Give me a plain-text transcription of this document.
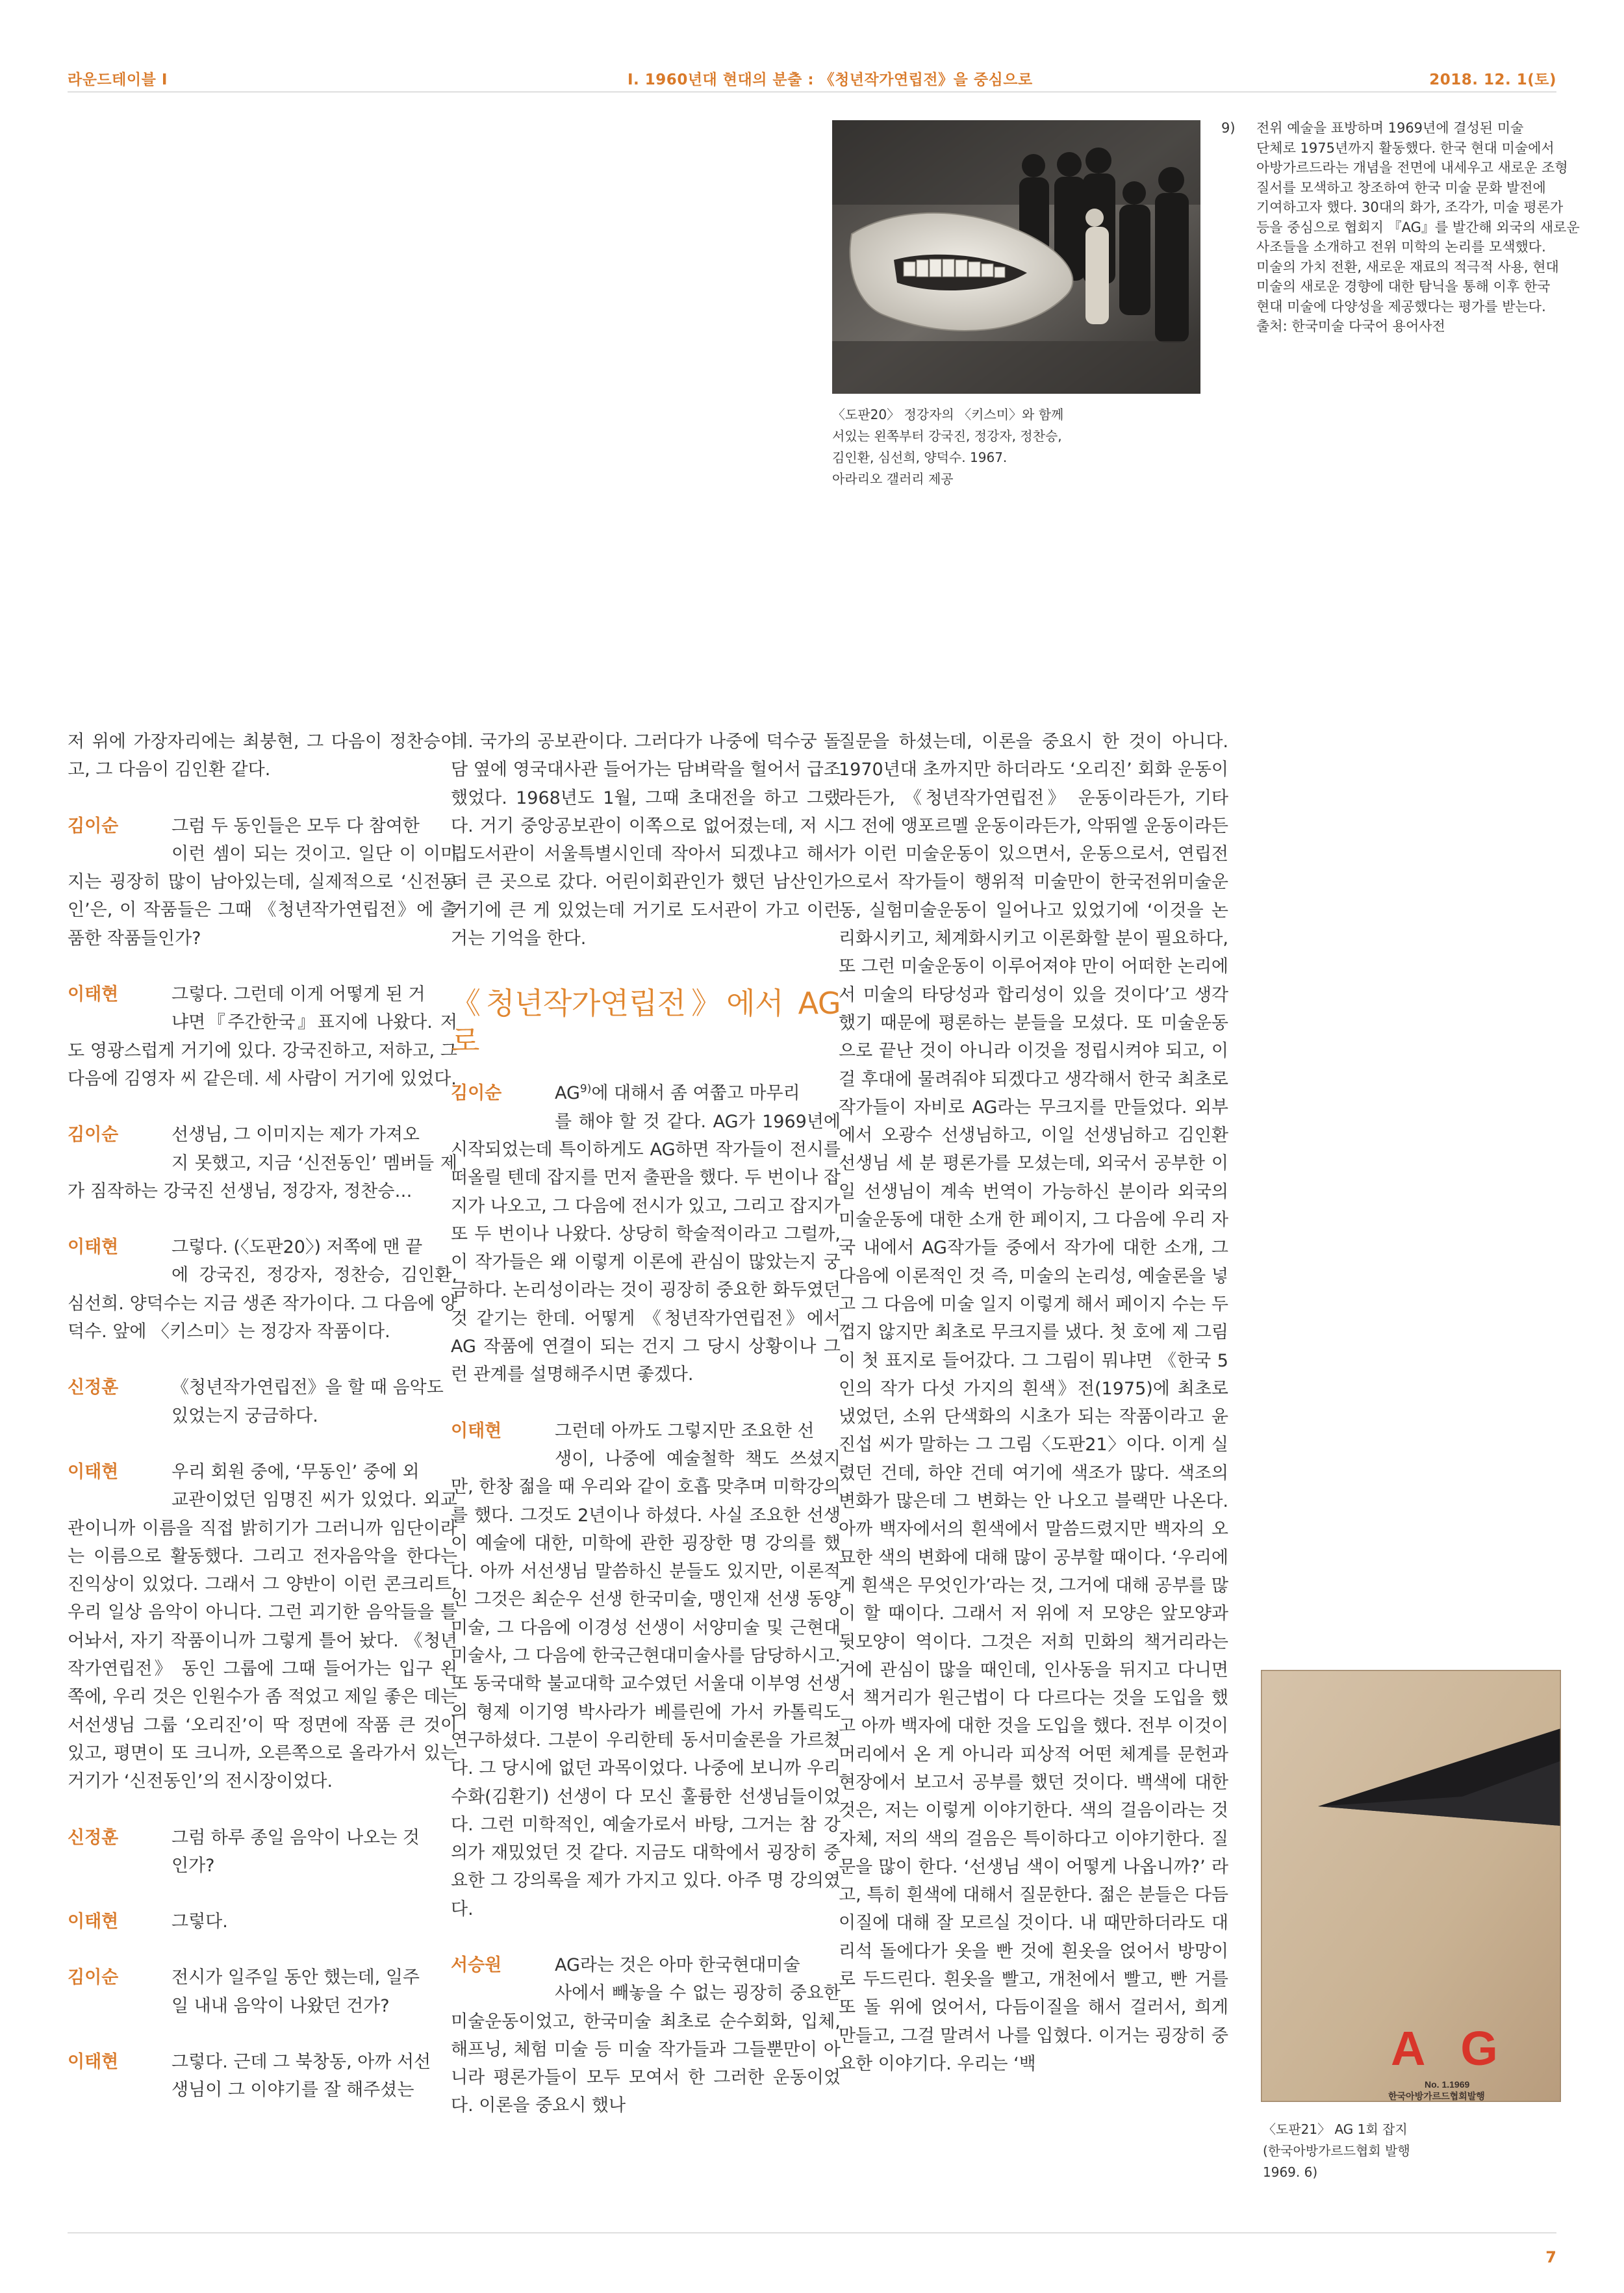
라운드테이블 I	I. 1960년대 현대의 분출 : 《청년작가연립전》을 중심으로	2018. 12. 1(토)
〈도판20〉 정강자의 〈키스미〉와 함께
서있는 왼쪽부터 강국진, 정강자, 정찬승,
김인환, 심선희, 양덕수. 1967.
아라리오 갤러리 제공
9) 전위 예술을 표방하며 1969년에 결성된 미술
단체로 1975년까지 활동했다. 한국 현대 미술에서
아방가르드라는 개념을 전면에 내세우고 새로운 조형
질서를 모색하고 창조하여 한국 미술 문화 발전에
기여하고자 했다. 30대의 화가, 조각가, 미술 평론가
등을 중심으로 협회지 『AG』를 발간해 외국의 새로운
사조들을 소개하고 전위 미학의 논리를 모색했다.
미술의 가치 전환, 새로운 재료의 적극적 사용, 현대
미술의 새로운 경향에 대한 탐닉을 통해 이후 한국
현대 미술에 다양성을 제공했다는 평가를 받는다.
출처: 한국미술 다국어 용어사전

저 위에 가장자리에는 최붕현, 그 다음이 정찬승이고, 그 다음이 김인환 같다.

김이순	그럼 두 동인들은 모두 다 참여한

이런 셈이 되는 것이고. 일단 이 이미지는 굉장히 많이 남아있는데, 실제적으로 ‘신전동인’은, 이 작품들은 그때 《청년작가연립전》에 출품한 작품들인가?

이태현	그렇다. 그런데 이게 어떻게 된 거

냐면『주간한국』표지에 나왔다. 저도 영광스럽게 거기에 있다. 강국진하고, 저하고, 그 다음에 김영자 씨 같은데. 세 사람이 거기에 있었다.

김이순	선생님, 그 이미지는 제가 가져오

지 못했고, 지금 ‘신전동인’ 멤버들 제가 짐작하는 강국진 선생님, 정강자, 정찬승…

이태현	그렇다. (〈도판20〉) 저쪽에 맨 끝

에 강국진, 정강자, 정찬승, 김인환, 심선희. 양덕수는 지금 생존 작가이다. 그 다음에 양덕수. 앞에 〈키스미〉는 정강자 작품이다.

신정훈	《청년작가연립전》을 할 때 음악도

있었는지 궁금하다.

이태현	우리 회원 중에, ‘무동인’ 중에 외

교관이었던 임명진 씨가 있었다. 외교관이니까 이름을 직접 밝히기가 그러니까 임단이라는 이름으로 활동했다. 그리고 전자음악을 한다는 진익상이 있었다. 그래서 그 양반이 이런 콘크리트, 우리 일상 음악이 아니다. 그런 괴기한 음악들을 틀어놔서, 자기 작품이니까 그렇게 틀어 놨다. 《청년작가연립전》 동인 그룹에 그때 들어가는 입구 왼쪽에, 우리 것은 인원수가 좀 적었고 제일 좋은 데는 서선생님 그룹 ‘오리진’이 딱 정면에 작품 큰 것이 있고, 평면이 또 크니까, 오른쪽으로 올라가서 있는 거기가 ‘신전동인’의 전시장이었다.

신정훈	그럼 하루 종일 음악이 나오는 것

인가?

이태현	그렇다.

김이순	전시가 일주일 동안 했는데, 일주

일 내내 음악이 나왔던 건가?

이태현	그렇다. 근데 그 북창동, 아까 서선

생님이 그 이야기를 잘 해주셨는

데. 국가의 공보관이다. 그러다가 나중에 덕수궁 돌담 옆에 영국대사관 들어가는 담벼락을 헐어서 급조했었다. 1968년도 1월, 그때 초대전을 하고 그랬다. 거기 중앙공보관이 이쪽으로 없어졌는데, 저 시립도서관이 서울특별시인데 작아서 되겠냐고 해서 더 큰 곳으로 갔다. 어린이회관인가 했던 남산인가 거기에 큰 게 있었는데 거기로 도서관이 가고 이런 거는 기억을 한다.

《청년작가연립전》에서 AG로

김이순	AG$^{9)}$에 대해서 좀 여쭙고 마무리

를 해야 할 것 같다. AG가 1969년에 시작되었는데 특이하게도 AG하면 작가들이 전시를 떠올릴 텐데 잡지를 먼저 출판을 했다. 두 번이나 잡지가 나오고, 그 다음에 전시가 있고, 그리고 잡지가 또 두 번이나 나왔다. 상당히 학술적이라고 그럴까, 이 작가들은 왜 이렇게 이론에 관심이 많았는지 궁금하다. 논리성이라는 것이 굉장히 중요한 화두였던 것 같기는 한데. 어떻게 《청년작가연립전》에서 AG 작품에 연결이 되는 건지 그 당시 상황이나 그런 관계를 설명해주시면 좋겠다.

이태현	그런데 아까도 그렇지만 조요한 선

생이, 나중에 예술철학 책도 쓰셨지만, 한창 젊을 때 우리와 같이 호흡 맞추며 미학강의를 했다. 그것도 2년이나 하셨다. 사실 조요한 선생이 예술에 대한, 미학에 관한 굉장한 명 강의를 했다. 아까 서선생님 말씀하신 분들도 있지만, 이론적인 그것은 최순우 선생 한국미술, 맹인재 선생 동양미술, 그 다음에 이경성 선생이 서양미술 및 근현대미술사, 그 다음에 한국근현대미술사를 담당하시고. 또 동국대학 불교대학 교수였던 서울대 이부영 선생의 형제 이기영 박사라가 베를린에 가서 카톨릭도 연구하셨다. 그분이 우리한테 동서미술론을 가르쳤다. 그 당시에 없던 과목이었다. 나중에 보니까 우리 수화(김환기) 선생이 다 모신 훌륭한 선생님들이었다. 그런 미학적인, 예술가로서 바탕, 그거는 참 강의가 재밌었던 것 같다. 지금도 대학에서 굉장히 중요한 그 강의록을 제가 가지고 있다. 아주 명 강의였다.

서승원	AG라는 것은 아마 한국현대미술

사에서 빼놓을 수 없는 굉장히 중요한 미술운동이었고, 한국미술 최초로 순수회화, 입체, 해프닝, 체험 미술 등 미술 작가들과 그들뿐만이 아니라 평론가들이 모두 모여서 한 그러한 운동이었다. 이론을 중요시 했나

질문을 하셨는데, 이론을 중요시 한 것이 아니다. 1970년대 초까지만 하더라도 ‘오리진’ 회화 운동이라든가, 《청년작가연립전》 운동이라든가, 기타 그 전에 앵포르멜 운동이라든가, 악뛰엘 운동이라든가 이런 미술운동이 있으면서, 운동으로서, 연립전으로서 작가들이 행위적 미술만이 한국전위미술운동, 실험미술운동이 일어나고 있었기에 ‘이것을 논리화시키고, 체계화시키고 이론화할 분이 필요하다, 또 그런 미술운동이 이루어져야 만이 어떠한 논리에서 미술의 타당성과 합리성이 있을 것이다’고 생각했기 때문에 평론하는 분들을 모셨다. 또 미술운동으로 끝난 것이 아니라 이것을 정립시켜야 되고, 이걸 후대에 물려줘야 되겠다고 생각해서 한국 최초로 작가들이 자비로 AG라는 무크지를 만들었다. 외부에서 오광수 선생님하고, 이일 선생님하고 김인환 선생님 세 분 평론가를 모셨는데, 외국서 공부한 이일 선생님이 계속 번역이 가능하신 분이라 외국의 미술운동에 대한 소개 한 페이지, 그 다음에 우리 자국 내에서 AG작가들 중에서 작가에 대한 소개, 그 다음에 이론적인 것 즉, 미술의 논리성, 예술론을 넣고 그 다음에 미술 일지 이렇게 해서 페이지 수는 두껍지 않지만 최초로 무크지를 냈다. 첫 호에 제 그림이 첫 표지로 들어갔다. 그 그림이 뭐냐면 《한국 5인의 작가 다섯 가지의 흰색》전(1975)에 최초로 냈었던, 소위 단색화의 시초가 되는 작품이라고 윤진섭 씨가 말하는 그 그림〈도판21〉이다. 이게 실렸던 건데, 하얀 건데 여기에 색조가 많다. 색조의 변화가 많은데 그 변화는 안 나오고 블랙만 나온다. 아까 백자에서의 흰색에서 말씀드렸지만 백자의 오묘한 색의 변화에 대해 많이 공부할 때이다. ‘우리에게 흰색은 무엇인가’라는 것, 그거에 대해 공부를 많이 할 때이다. 그래서 저 위에 저 모양은 앞모양과 뒷모양이 역이다. 그것은 저희 민화의 책거리라는 거에 관심이 많을 때인데, 인사동을 뒤지고 다니면서 책거리가 원근법이 다 다르다는 것을 도입을 했고 아까 백자에 대한 것을 도입을 했다. 전부 이것이 머리에서 온 게 아니라 피상적 어떤 체계를 문헌과 현장에서 보고서 공부를 했던 것이다. 백색에 대한 것은, 저는 이렇게 이야기한다. 색의 걸음이라는 것 자체, 저의 색의 걸음은 특이하다고 이야기한다. 질문을 많이 한다. ‘선생님 색이 어떻게 나옵니까?’ 라고, 특히 흰색에 대해서 질문한다. 젊은 분들은 다듬이질에 대해 잘 모르실 것이다. 내 때만하더라도 대리석 돌에다가 옷을 빤 것에 흰옷을 얹어서 방망이로 두드린다. 흰옷을 빨고, 개천에서 빨고, 빤 거를 또 돌 위에 얹어서, 다듬이질을 해서 걸러서, 희게 만들고, 그걸 말려서 나를 입혔다. 이거는 굉장히 중요한 이야기다. 우리는 ‘백	A G
No. 1.1969
한국아방가르드협회발행
〈도판21〉 AG 1회 잡지
(한국아방가르드협회 발행
1969. 6)
7
